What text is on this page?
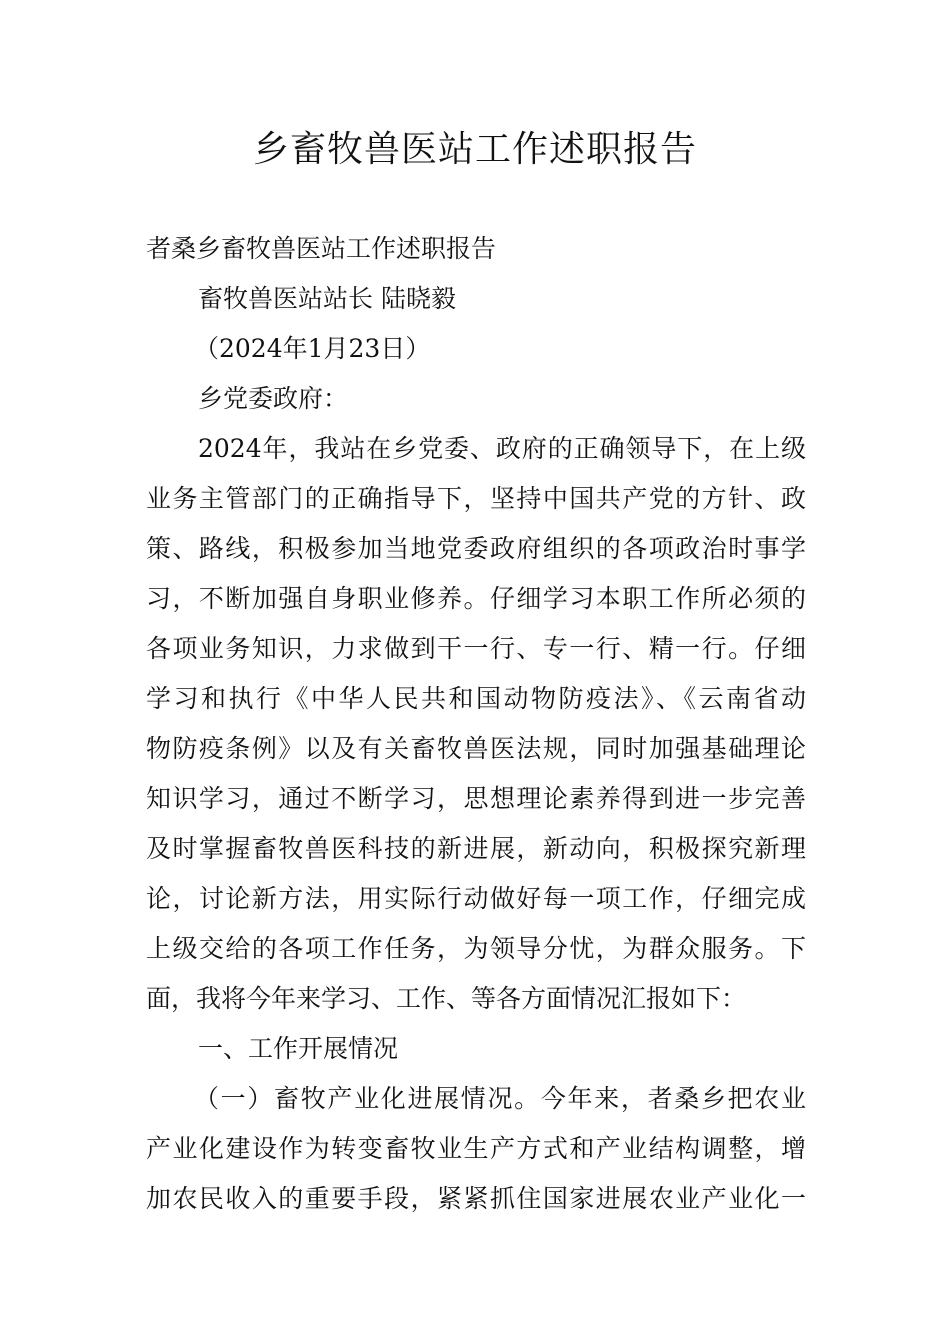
乡畜牧兽医站工作述职报告
者桑乡畜牧兽医站工作述职报告
畜牧兽医站站长 陆晓毅
（2024年1月23日）
乡党委政府：
2024年，我站在乡党委、政府的正确领导下，在上级
业务主管部门的正确指导下，坚持中国共产党的方针、政
策、路线，积极参加当地党委政府组织的各项政治时事学
习，不断加强自身职业修养。仔细学习本职工作所必须的
各项业务知识，力求做到干一行、专一行、精一行。仔细
学习和执行《中华人民共和国动物防疫法》、《云南省动
物防疫条例》以及有关畜牧兽医法规，同时加强基础理论
知识学习，通过不断学习，思想理论素养得到进一步完善
及时掌握畜牧兽医科技的新进展，新动向，积极探究新理
论，讨论新方法，用实际行动做好每一项工作，仔细完成
上级交给的各项工作任务，为领导分忧，为群众服务。下
面，我将今年来学习、工作、等各方面情况汇报如下：
一、工作开展情况
（一）畜牧产业化进展情况。今年来，者桑乡把农业
产业化建设作为转变畜牧业生产方式和产业结构调整，增
加农民收入的重要手段，紧紧抓住国家进展农业产业化一
